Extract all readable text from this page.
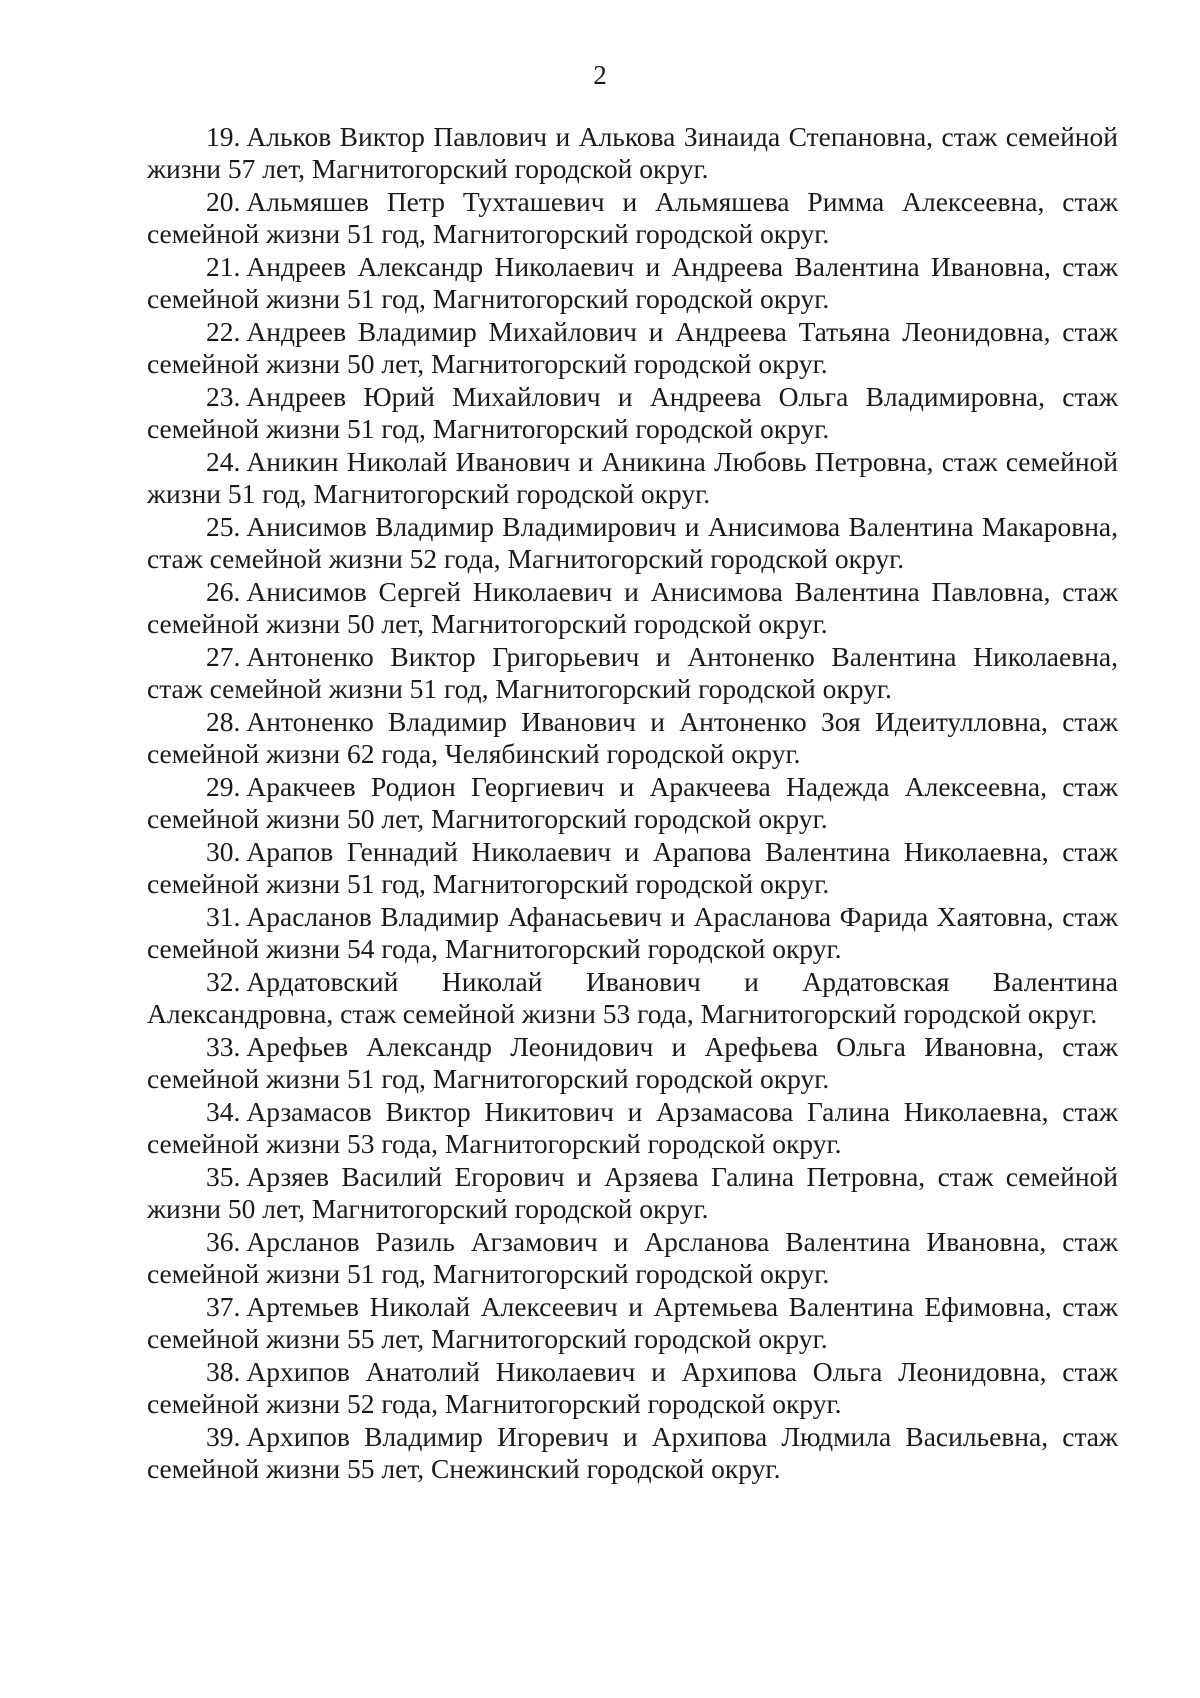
2

19. Альков Виктор Павлович и Алькова Зинаида Степановна, стаж семейной жизни 57 лет, Магнитогорский городской округ.

20. Альмяшев Петр Тухташевич и Альмяшева Римма Алексеевна, стаж семейной жизни 51 год, Магнитогорский городской округ.

21. Андреев Александр Николаевич и Андреева Валентина Ивановна, стаж семейной жизни 51 год, Магнитогорский городской округ.

22. Андреев Владимир Михайлович и Андреева Татьяна Леонидовна, стаж семейной жизни 50 лет, Магнитогорский городской округ.

23. Андреев Юрий Михайлович и Андреева Ольга Владимировна, стаж семейной жизни 51 год, Магнитогорский городской округ.

24. Аникин Николай Иванович и Аникина Любовь Петровна, стаж семейной жизни 51 год, Магнитогорский городской округ.

25. Анисимов Владимир Владимирович и Анисимова Валентина Макаровна, стаж семейной жизни 52 года, Магнитогорский городской округ.

26. Анисимов Сергей Николаевич и Анисимова Валентина Павловна, стаж семейной жизни 50 лет, Магнитогорский городской округ.

27. Антоненко Виктор Григорьевич и Антоненко Валентина Николаевна, стаж семейной жизни 51 год, Магнитогорский городской округ.

28. Антоненко Владимир Иванович и Антоненко Зоя Идеитулловна, стаж семейной жизни 62 года, Челябинский городской округ.

29. Аракчеев Родион Георгиевич и Аракчеева Надежда Алексеевна, стаж семейной жизни 50 лет, Магнитогорский городской округ.

30. Арапов Геннадий Николаевич и Арапова Валентина Николаевна, стаж семейной жизни 51 год, Магнитогорский городской округ.

31. Арасланов Владимир Афанасьевич и Арасланова Фарида Хаятовна, стаж семейной жизни 54 года, Магнитогорский городской округ.

32. Ардатовский Николай Иванович и Ардатовская Валентина Александровна, стаж семейной жизни 53 года, Магнитогорский городской округ.

33. Арефьев Александр Леонидович и Арефьева Ольга Ивановна, стаж семейной жизни 51 год, Магнитогорский городской округ.

34. Арзамасов Виктор Никитович и Арзамасова Галина Николаевна, стаж семейной жизни 53 года, Магнитогорский городской округ.

35. Арзяев Василий Егорович и Арзяева Галина Петровна, стаж семейной жизни 50 лет, Магнитогорский городской округ.

36. Арсланов Разиль Агзамович и Арсланова Валентина Ивановна, стаж семейной жизни 51 год, Магнитогорский городской округ.

37. Артемьев Николай Алексеевич и Артемьева Валентина Ефимовна, стаж семейной жизни 55 лет, Магнитогорский городской округ.

38. Архипов Анатолий Николаевич и Архипова Ольга Леонидовна, стаж семейной жизни 52 года, Магнитогорский городской округ.

39. Архипов Владимир Игоревич и Архипова Людмила Васильевна, стаж семейной жизни 55 лет, Снежинский городской округ.
